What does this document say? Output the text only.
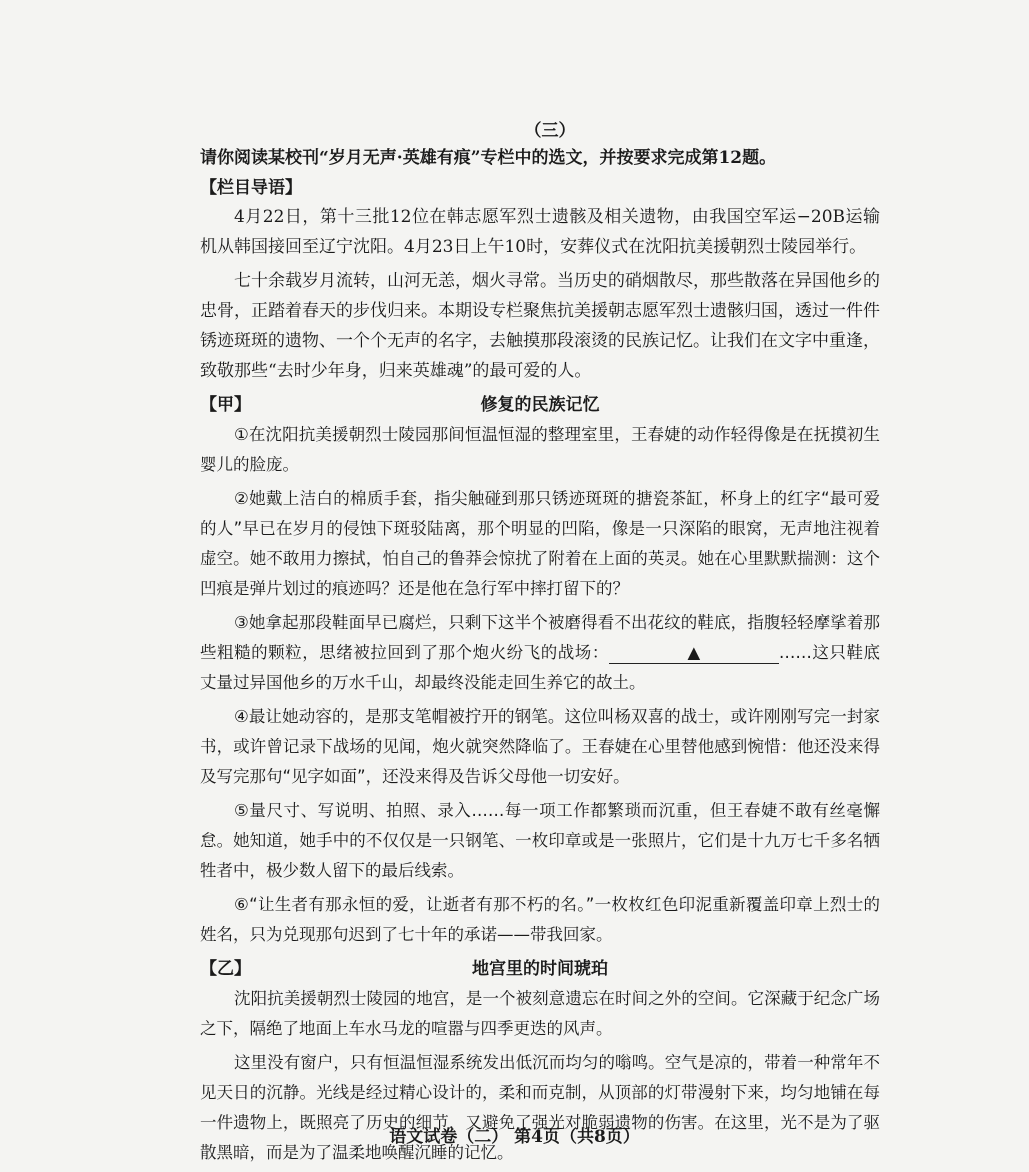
（三）
请你阅读某校刊“岁月无声·英雄有痕”专栏中的选文，并按要求完成第12题。
【栏目导语】

4月22日，第十三批12位在韩志愿军烈士遗骸及相关遗物，由我国空军运−20B运输机从韩国接回至辽宁沈阳。4月23日上午10时，安葬仪式在沈阳抗美援朝烈士陵园举行。

七十余载岁月流转，山河无恙，烟火寻常。当历史的硝烟散尽，那些散落在异国他乡的忠骨，正踏着春天的步伐归来。本期设专栏聚焦抗美援朝志愿军烈士遗骸归国，透过一件件锈迹斑斑的遗物、一个个无声的名字，去触摸那段滚烫的民族记忆。让我们在文字中重逢，致敬那些“去时少年身，归来英雄魂”的最可爱的人。

【甲】	修复的民族记忆

①在沈阳抗美援朝烈士陵园那间恒温恒湿的整理室里，王春婕的动作轻得像是在抚摸初生婴儿的脸庞。

②她戴上洁白的棉质手套，指尖触碰到那只锈迹斑斑的搪瓷茶缸，杯身上的红字“最可爱的人”早已在岁月的侵蚀下斑驳陆离，那个明显的凹陷，像是一只深陷的眼窝，无声地注视着虚空。她不敢用力擦拭，怕自己的鲁莽会惊扰了附着在上面的英灵。她在心里默默揣测：这个凹痕是弹片划过的痕迹吗？还是他在急行军中摔打留下的？

③她拿起那段鞋面早已腐烂，只剩下这半个被磨得看不出花纹的鞋底，指腹轻轻摩挲着那些粗糙的颗粒，思绪被拉回到了那个炮火纷飞的战场：	▲	……这只鞋底丈量过异国他乡的万水千山，却最终没能走回生养它的故土。

④最让她动容的，是那支笔帽被拧开的钢笔。这位叫杨双喜的战士，或许刚刚写完一封家书，或许曾记录下战场的见闻，炮火就突然降临了。王春婕在心里替他感到惋惜：他还没来得及写完那句“见字如面”，还没来得及告诉父母他一切安好。

⑤量尺寸、写说明、拍照、录入……每一项工作都繁琐而沉重，但王春婕不敢有丝毫懈怠。她知道，她手中的不仅仅是一只钢笔、一枚印章或是一张照片，它们是十九万七千多名牺牲者中，极少数人留下的最后线索。

⑥“让生者有那永恒的爱，让逝者有那不朽的名。”一枚枚红色印泥重新覆盖印章上烈士的姓名，只为兑现那句迟到了七十年的承诺——带我回家。

【乙】	地宫里的时间琥珀

沈阳抗美援朝烈士陵园的地宫，是一个被刻意遗忘在时间之外的空间。它深藏于纪念广场之下，隔绝了地面上车水马龙的喧嚣与四季更迭的风声。

这里没有窗户，只有恒温恒湿系统发出低沉而均匀的嗡鸣。空气是凉的，带着一种常年不见天日的沉静。光线是经过精心设计的，柔和而克制，从顶部的灯带漫射下来，均匀地铺在每一件遗物上，既照亮了历史的细节，又避免了强光对脆弱遗物的伤害。在这里，光不是为了驱散黑暗，而是为了温柔地唤醒沉睡的记忆。

语文试卷（二） 第4页（共8页）
